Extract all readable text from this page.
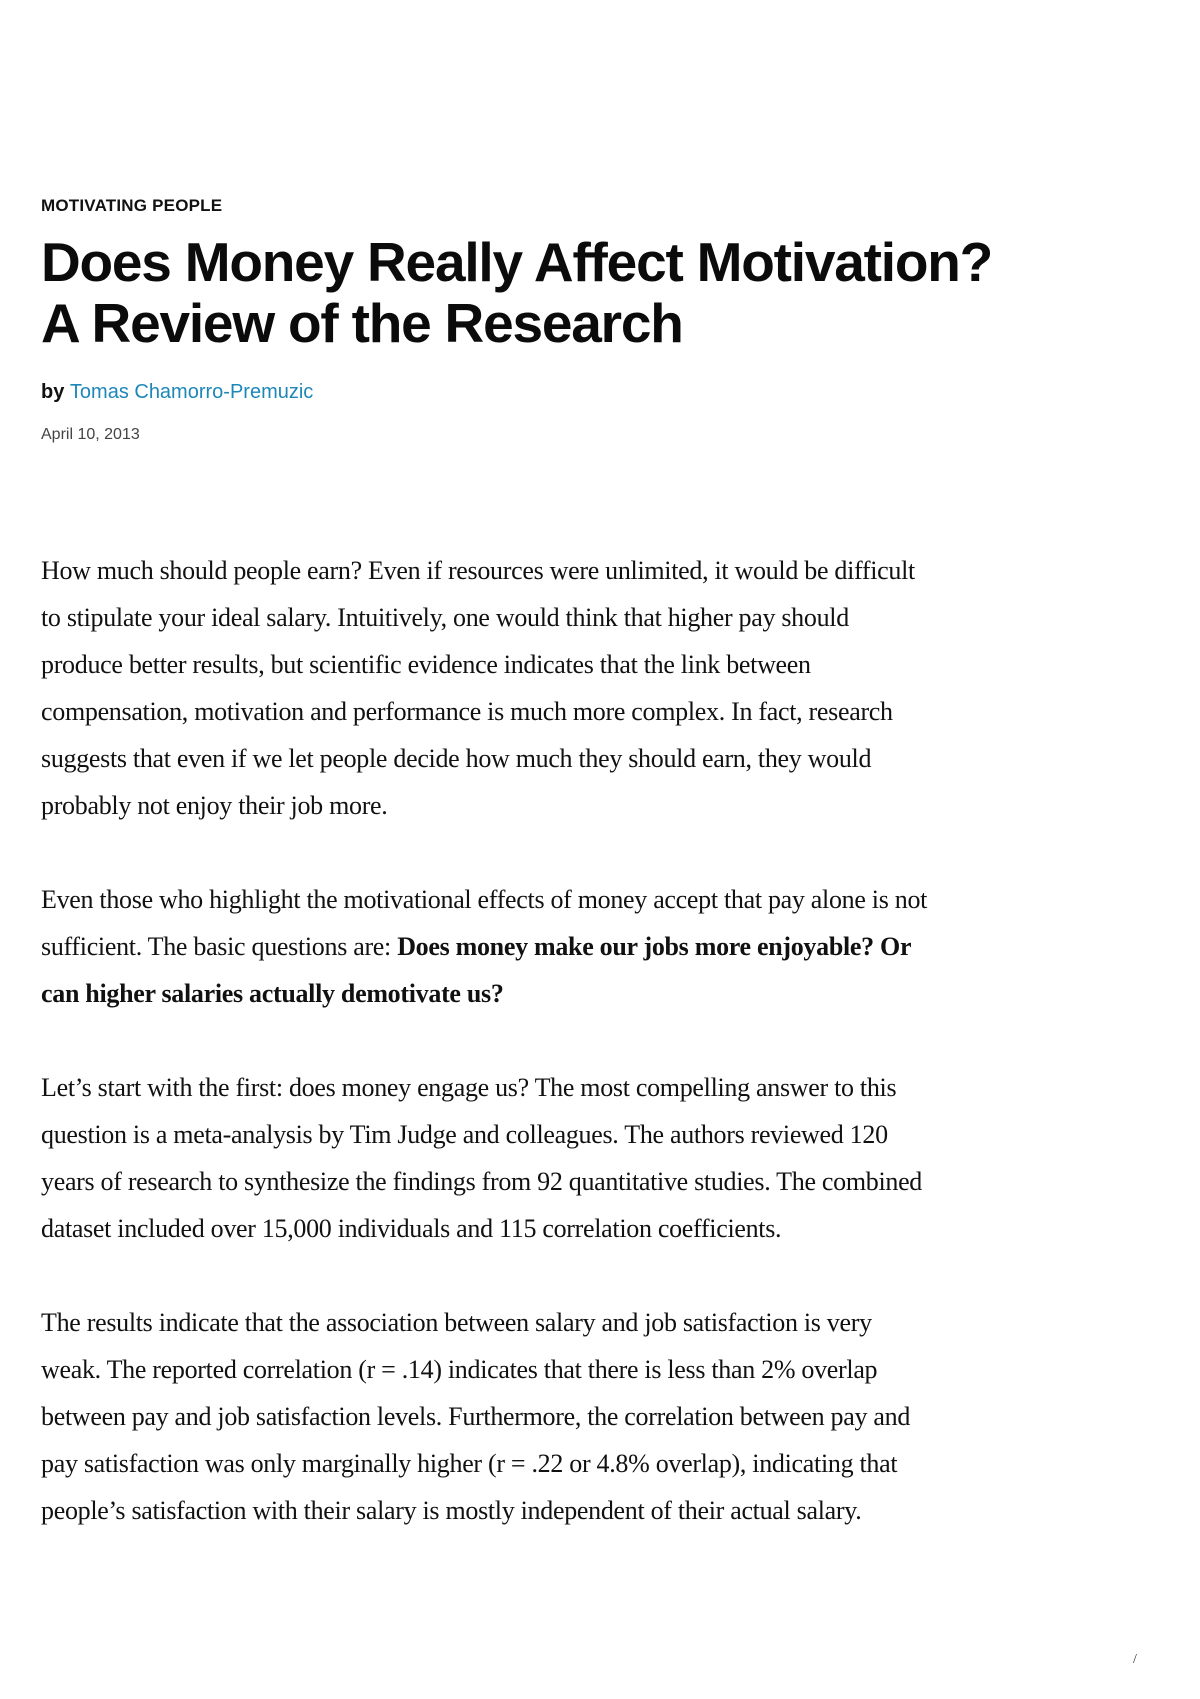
MOTIVATING PEOPLE

Does Money Really Affect Motivation?
A Review of the Research

by Tomas Chamorro-Premuzic

April 10, 2013

How much should people earn? Even if resources were unlimited, it would be difficult
to stipulate your ideal salary. Intuitively, one would think that higher pay should
produce better results, but scientific evidence indicates that the link between
compensation, motivation and performance is much more complex. In fact, research
suggests that even if we let people decide how much they should earn, they would
probably not enjoy their job more.

Even those who highlight the motivational effects of money accept that pay alone is not
sufficient. The basic questions are: Does money make our jobs more enjoyable? Or
can higher salaries actually demotivate us?

Let’s start with the first: does money engage us? The most compelling answer to this
question is a meta-analysis by Tim Judge and colleagues. The authors reviewed 120
years of research to synthesize the findings from 92 quantitative studies. The combined
dataset included over 15,000 individuals and 115 correlation coefficients.

The results indicate that the association between salary and job satisfaction is very
weak. The reported correlation (r = .14) indicates that there is less than 2% overlap
between pay and job satisfaction levels. Furthermore, the correlation between pay and
pay satisfaction was only marginally higher (r = .22 or 4.8% overlap), indicating that
people’s satisfaction with their salary is mostly independent of their actual salary.

/
